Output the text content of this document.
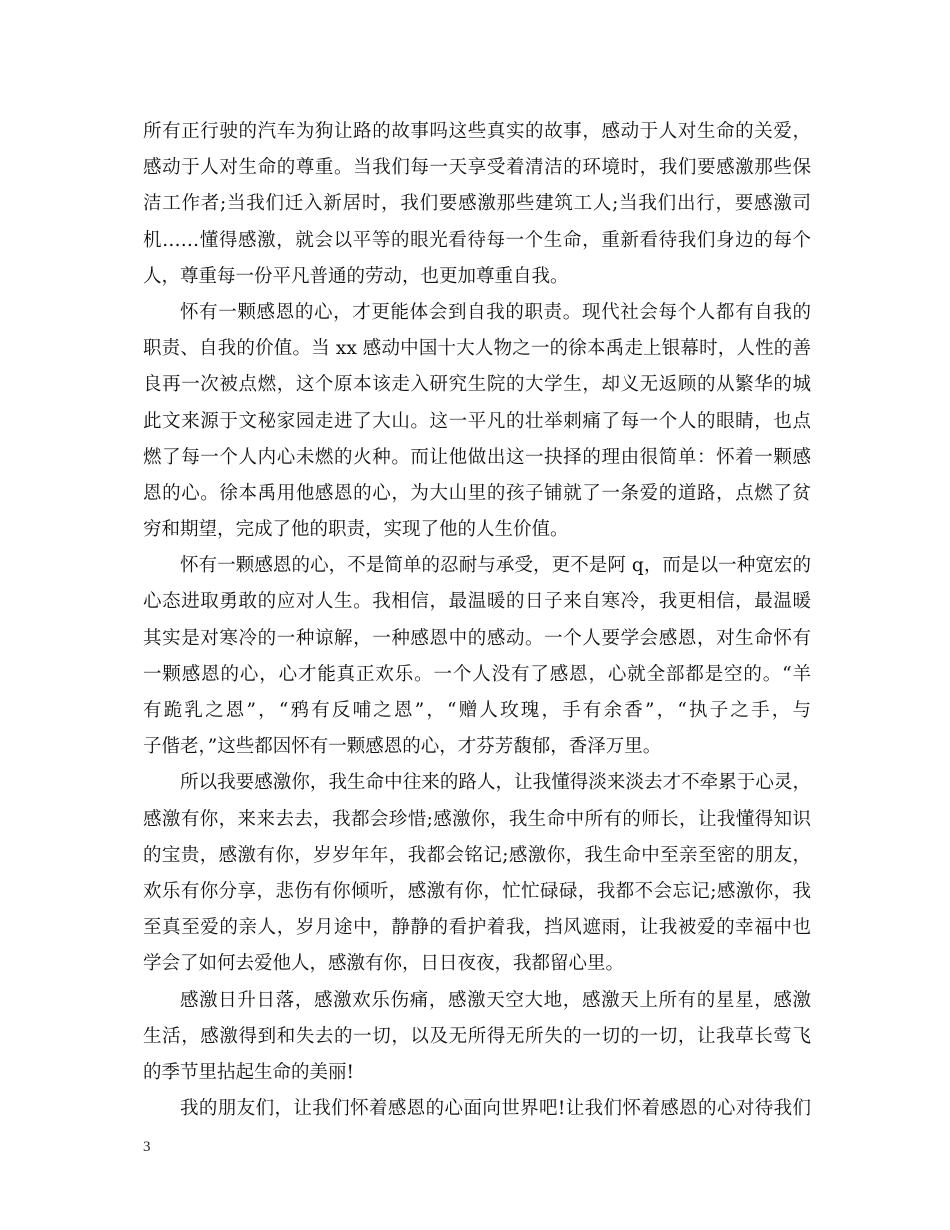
所有正行驶的汽车为狗让路的故事吗这些真实的故事，感动于人对生命的关爱，
感动于人对生命的尊重。当我们每一天享受着清洁的环境时，我们要感激那些保
洁工作者;当我们迁入新居时，我们要感激那些建筑工人;当我们出行，要感激司
机……懂得感激，就会以平等的眼光看待每一个生命，重新看待我们身边的每个
人，尊重每一份平凡普通的劳动，也更加尊重自我。
怀有一颗感恩的心，才更能体会到自我的职责。现代社会每个人都有自我的
职责、自我的价值。当 xx 感动中国十大人物之一的徐本禹走上银幕时，人性的善
良再一次被点燃，这个原本该走入研究生院的大学生，却义无返顾的从繁华的城
此文来源于文秘家园走进了大山。这一平凡的壮举刺痛了每一个人的眼睛，也点
燃了每一个人内心未燃的火种。而让他做出这一抉择的理由很简单：怀着一颗感
恩的心。徐本禹用他感恩的心，为大山里的孩子铺就了一条爱的道路，点燃了贫
穷和期望，完成了他的职责，实现了他的人生价值。
怀有一颗感恩的心，不是简单的忍耐与承受，更不是阿 q，而是以一种宽宏的
心态进取勇敢的应对人生。我相信，最温暖的日子来自寒冷，我更相信，最温暖
其实是对寒冷的一种谅解，一种感恩中的感动。一个人要学会感恩，对生命怀有
一颗感恩的心，心才能真正欢乐。一个人没有了感恩，心就全部都是空的。“羊
有跪乳之恩”，“鸦有反哺之恩”，“赠人玫瑰，手有余香”，“执子之手，与
子偕老，”这些都因怀有一颗感恩的心，才芬芳馥郁，香泽万里。
所以我要感激你，我生命中往来的路人，让我懂得淡来淡去才不牵累于心灵，
感激有你，来来去去，我都会珍惜;感激你，我生命中所有的师长，让我懂得知识
的宝贵，感激有你，岁岁年年，我都会铭记;感激你，我生命中至亲至密的朋友，
欢乐有你分享，悲伤有你倾听，感激有你，忙忙碌碌，我都不会忘记;感激你，我
至真至爱的亲人，岁月途中，静静的看护着我，挡风遮雨，让我被爱的幸福中也
学会了如何去爱他人，感激有你，日日夜夜，我都留心里。
感激日升日落，感激欢乐伤痛，感激天空大地，感激天上所有的星星，感激
生活，感激得到和失去的一切，以及无所得无所失的一切的一切，让我草长莺飞
的季节里拈起生命的美丽!
我的朋友们，让我们怀着感恩的心面向世界吧!让我们怀着感恩的心对待我们
3
